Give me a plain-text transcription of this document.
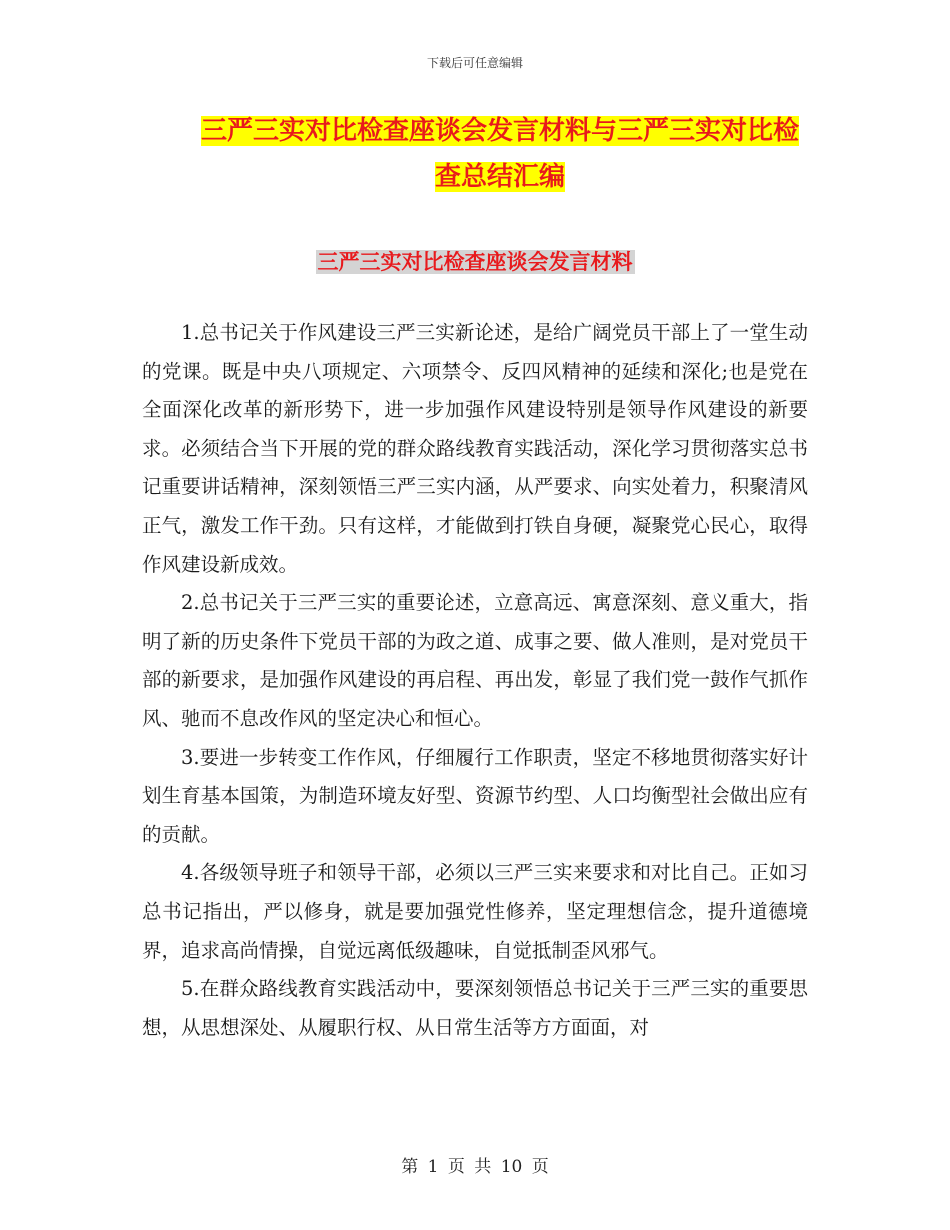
下载后可任意编辑
三严三实对比检查座谈会发言材料与三严三实对比检
查总结汇编
三严三实对比检查座谈会发言材料

1.总书记关于作风建设三严三实新论述，是给广阔党员干部上了一堂生动的党课。既是中央八项规定、六项禁令、反四风精神的延续和深化;也是党在全面深化改革的新形势下，进一步加强作风建设特别是领导作风建设的新要求。必须结合当下开展的党的群众路线教育实践活动，深化学习贯彻落实总书记重要讲话精神，深刻领悟三严三实内涵，从严要求、向实处着力，积聚清风正气，激发工作干劲。只有这样，才能做到打铁自身硬，凝聚党心民心，取得作风建设新成效。

2.总书记关于三严三实的重要论述，立意高远、寓意深刻、意义重大，指明了新的历史条件下党员干部的为政之道、成事之要、做人准则，是对党员干部的新要求，是加强作风建设的再启程、再出发，彰显了我们党一鼓作气抓作风、驰而不息改作风的坚定决心和恒心。

3.要进一步转变工作作风，仔细履行工作职责，坚定不移地贯彻落实好计划生育基本国策，为制造环境友好型、资源节约型、人口均衡型社会做出应有的贡献。

4.各级领导班子和领导干部，必须以三严三实来要求和对比自己。正如习总书记指出，严以修身，就是要加强党性修养，坚定理想信念，提升道德境界，追求高尚情操，自觉远离低级趣味，自觉抵制歪风邪气。

5.在群众路线教育实践活动中，要深刻领悟总书记关于三严三实的重要思想，从思想深处、从履职行权、从日常生活等方方面面，对

第 1 页 共 10 页
